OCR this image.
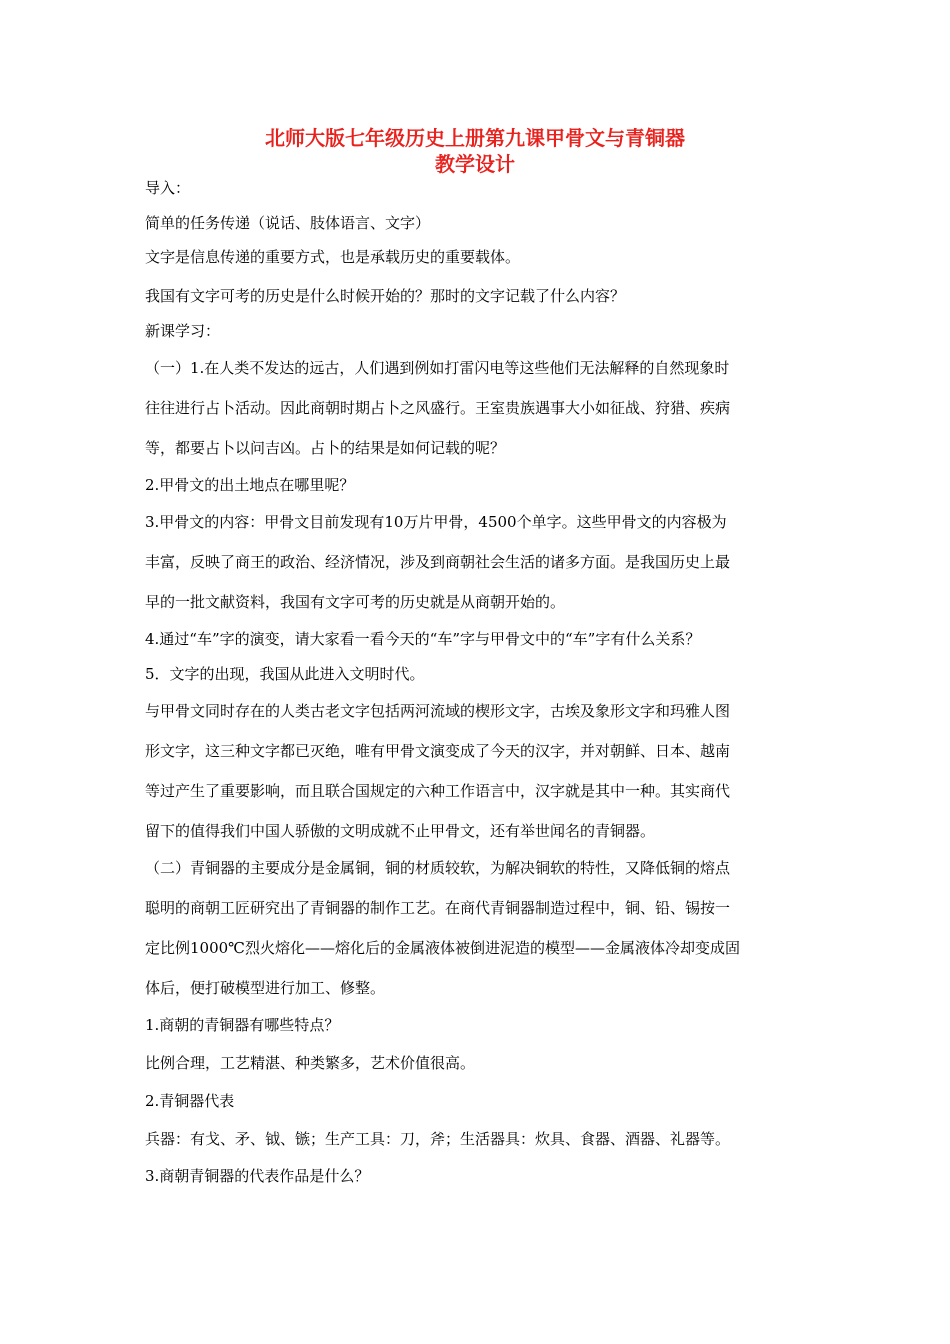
北师大版七年级历史上册第九课甲骨文与青铜器
教学设计
导入：
简单的任务传递（说话、肢体语言、文字）
文字是信息传递的重要方式，也是承载历史的重要载体。
我国有文字可考的历史是什么时候开始的？那时的文字记载了什么内容？
新课学习：
（一）1.在人类不发达的远古，人们遇到例如打雷闪电等这些他们无法解释的自然现象时
往往进行占卜活动。因此商朝时期占卜之风盛行。王室贵族遇事大小如征战、狩猎、疾病
等，都要占卜以问吉凶。占卜的结果是如何记载的呢？
2.甲骨文的出土地点在哪里呢？
3.甲骨文的内容：甲骨文目前发现有10万片甲骨，4500个单字。这些甲骨文的内容极为
丰富，反映了商王的政治、经济情况，涉及到商朝社会生活的诸多方面。是我国历史上最
早的一批文献资料，我国有文字可考的历史就是从商朝开始的。
4.通过“车”字的演变，请大家看一看今天的“车”字与甲骨文中的“车”字有什么关系？
5．文字的出现，我国从此进入文明时代。
与甲骨文同时存在的人类古老文字包括两河流域的楔形文字，古埃及象形文字和玛雅人图
形文字，这三种文字都已灭绝，唯有甲骨文演变成了今天的汉字，并对朝鲜、日本、越南
等过产生了重要影响，而且联合国规定的六种工作语言中，汉字就是其中一种。其实商代
留下的值得我们中国人骄傲的文明成就不止甲骨文，还有举世闻名的青铜器。
（二）青铜器的主要成分是金属铜，铜的材质较软，为解决铜软的特性，又降低铜的熔点
聪明的商朝工匠研究出了青铜器的制作工艺。在商代青铜器制造过程中，铜、铅、锡按一
定比例1000℃烈火熔化——熔化后的金属液体被倒进泥造的模型——金属液体冷却变成固
体后，便打破模型进行加工、修整。
1.商朝的青铜器有哪些特点？
比例合理，工艺精湛、种类繁多，艺术价值很高。
2.青铜器代表
兵器：有戈、矛、钺、镞；生产工具：刀，斧；生活器具：炊具、食器、酒器、礼器等。
3.商朝青铜器的代表作品是什么？
